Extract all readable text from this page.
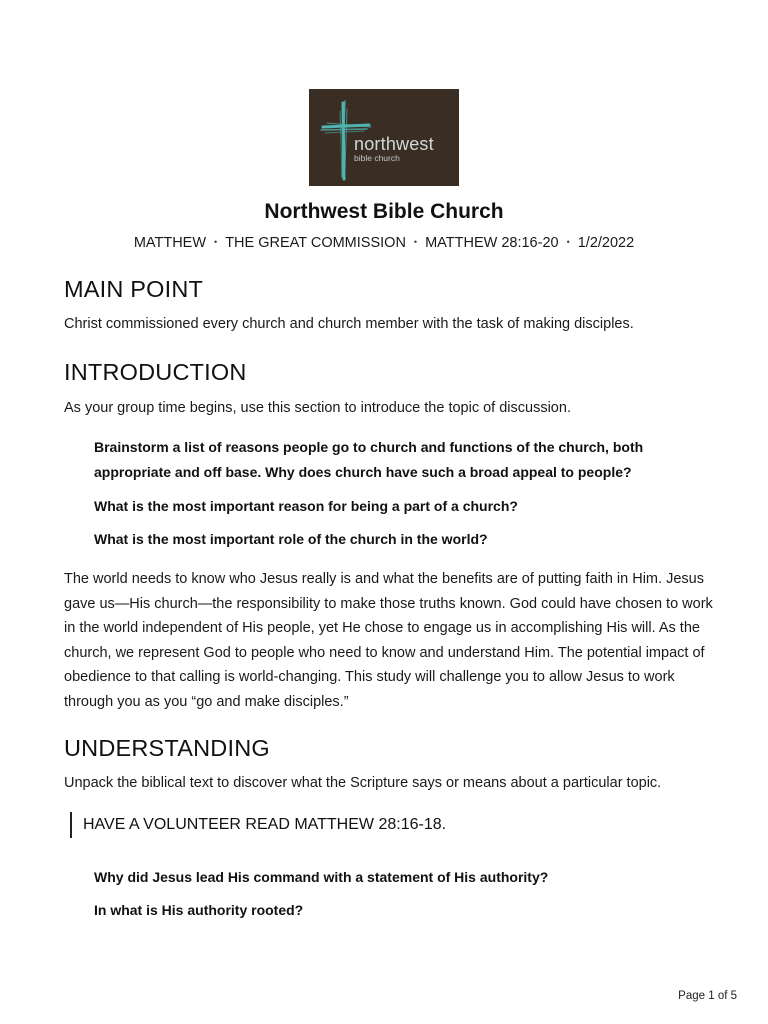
northwest
bible church
Northwest Bible Church
MATTHEW • THE GREAT COMMISSION • MATTHEW 28:16-20 • 1/2/2022
MAIN POINT

Christ commissioned every church and church member with the task of making disciples.

INTRODUCTION

As your group time begins, use this section to introduce the topic of discussion.

Brainstorm a list of reasons people go to church and functions of the church, both appropriate and off base. Why does church have such a broad appeal to people?

What is the most important reason for being a part of a church?

What is the most important role of the church in the world?

The world needs to know who Jesus really is and what the benefits are of putting faith in Him. Jesus gave us—His church—the responsibility to make those truths known. God could have chosen to work in the world independent of His people, yet He chose to engage us in accomplishing His will. As the church, we represent God to people who need to know and understand Him. The potential impact of obedience to that calling is world-changing. This study will challenge you to allow Jesus to work through you as you “go and make disciples.”

UNDERSTANDING

Unpack the biblical text to discover what the Scripture says or means about a particular topic.

HAVE A VOLUNTEER READ MATTHEW 28:16-18.

Why did Jesus lead His command with a statement of His authority?

In what is His authority rooted?

Page 1 of 5
